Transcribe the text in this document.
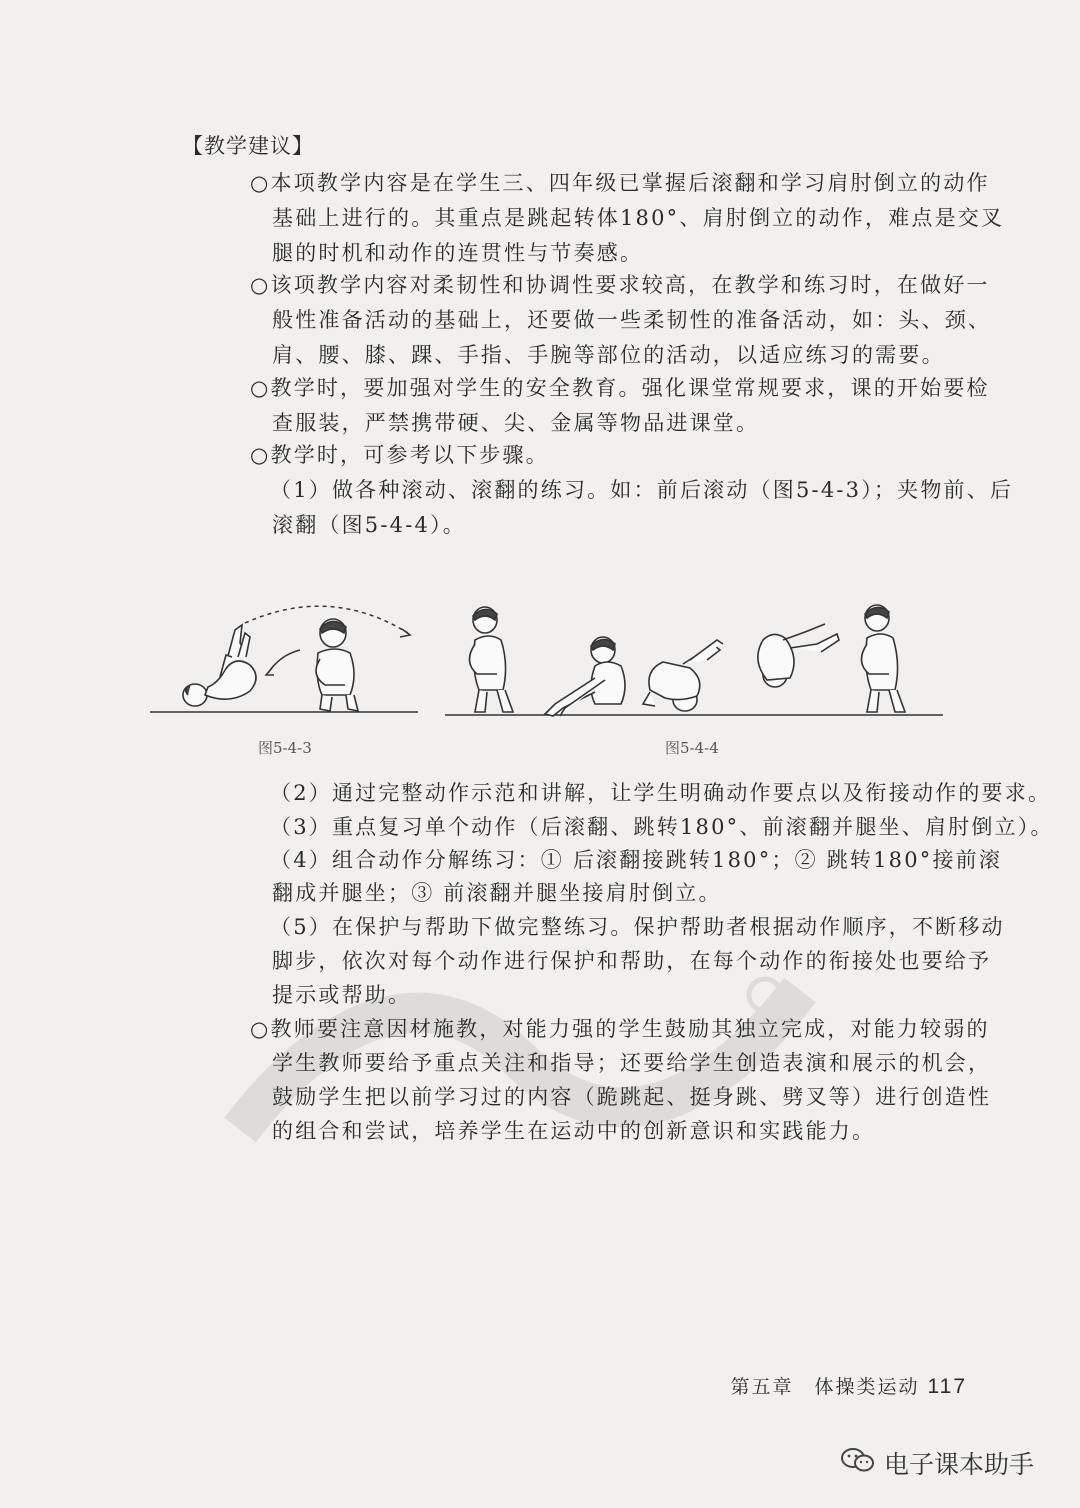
【教学建议】
○本项教学内容是在学生三、四年级已掌握后滚翻和学习肩肘倒立的动作
基础上进行的。其重点是跳起转体180°、肩肘倒立的动作，难点是交叉
腿的时机和动作的连贯性与节奏感。
○该项教学内容对柔韧性和协调性要求较高，在教学和练习时，在做好一
般性准备活动的基础上，还要做一些柔韧性的准备活动，如：头、颈、
肩、腰、膝、踝、手指、手腕等部位的活动，以适应练习的需要。
○教学时，要加强对学生的安全教育。强化课堂常规要求，课的开始要检
查服装，严禁携带硬、尖、金属等物品进课堂。
○教学时，可参考以下步骤。
（1）做各种滚动、滚翻的练习。如：前后滚动（图5-4-3）；夹物前、后
滚翻（图5-4-4）。
图5-4-3	图5-4-4
（2）通过完整动作示范和讲解，让学生明确动作要点以及衔接动作的要求。
（3）重点复习单个动作（后滚翻、跳转180°、前滚翻并腿坐、肩肘倒立）。
（4）组合动作分解练习：① 后滚翻接跳转180°；② 跳转180°接前滚
翻成并腿坐；③ 前滚翻并腿坐接肩肘倒立。
（5）在保护与帮助下做完整练习。保护帮助者根据动作顺序，不断移动
脚步，依次对每个动作进行保护和帮助，在每个动作的衔接处也要给予
提示或帮助。
○教师要注意因材施教，对能力强的学生鼓励其独立完成，对能力较弱的
学生教师要给予重点关注和指导；还要给学生创造表演和展示的机会，
鼓励学生把以前学习过的内容（跪跳起、挺身跳、劈叉等）进行创造性
的组合和尝试，培养学生在运动中的创新意识和实践能力。
第五章　体操类运动 117
电子课本助手
